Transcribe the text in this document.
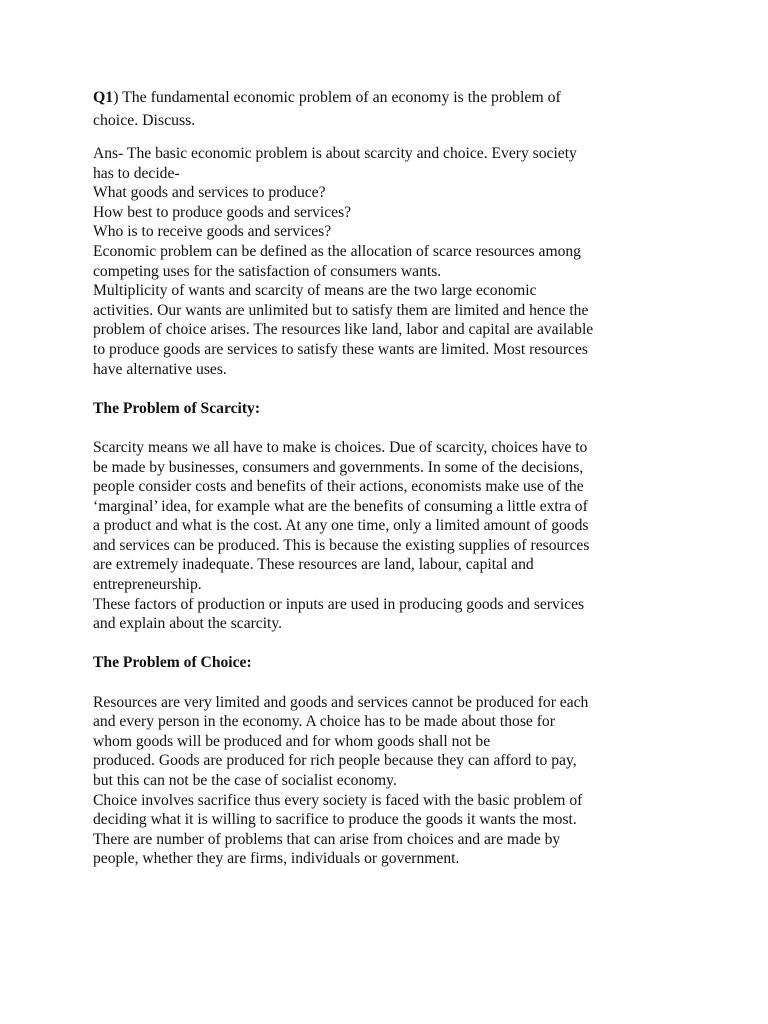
Q1) The fundamental economic problem of an economy is the problem of
choice. Discuss.
Ans- The basic economic problem is about scarcity and choice. Every society
has to decide-
What goods and services to produce?
How best to produce goods and services?
Who is to receive goods and services?
Economic problem can be defined as the allocation of scarce resources among
competing uses for the satisfaction of consumers wants.
Multiplicity of wants and scarcity of means are the two large economic
activities. Our wants are unlimited but to satisfy them are limited and hence the
problem of choice arises. The resources like land, labor and capital are available
to produce goods are services to satisfy these wants are limited. Most resources
have alternative uses.
The Problem of Scarcity:
Scarcity means we all have to make is choices. Due of scarcity, choices have to
be made by businesses, consumers and governments. In some of the decisions,
people consider costs and benefits of their actions, economists make use of the
‘marginal’ idea, for example what are the benefits of consuming a little extra of
a product and what is the cost. At any one time, only a limited amount of goods
and services can be produced. This is because the existing supplies of resources
are extremely inadequate. These resources are land, labour, capital and
entrepreneurship.
These factors of production or inputs are used in producing goods and services
and explain about the scarcity.
The Problem of Choice:
Resources are very limited and goods and services cannot be produced for each
and every person in the economy. A choice has to be made about those for
whom goods will be produced and for whom goods shall not be
produced. Goods are produced for rich people because they can afford to pay,
but this can not be the case of socialist economy.
Choice involves sacrifice thus every society is faced with the basic problem of
deciding what it is willing to sacrifice to produce the goods it wants the most.
There are number of problems that can arise from choices and are made by
people, whether they are firms, individuals or government.
